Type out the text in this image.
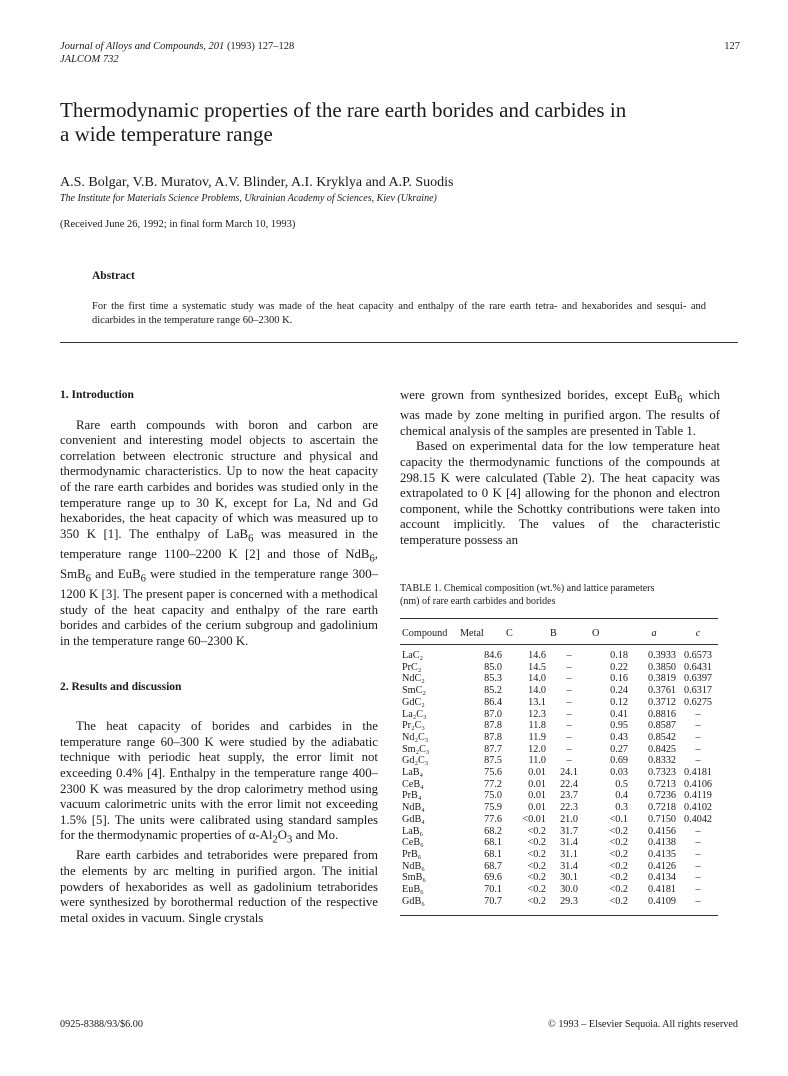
Journal of Alloys and Compounds, 201 (1993) 127–128
JALCOM 732
127
Thermodynamic properties of the rare earth borides and carbides in
a wide temperature range
A.S. Bolgar, V.B. Muratov, A.V. Blinder, A.I. Kryklya and A.P. Suodis
The Institute for Materials Science Problems, Ukrainian Academy of Sciences, Kiev (Ukraine)
(Received June 26, 1992; in final form March 10, 1993)
Abstract
For the first time a systematic study was made of the heat capacity and enthalpy of the rare earth tetra- and hexaborides and sesqui- and dicarbides in the temperature range 60–2300 K.
1. Introduction

Rare earth compounds with boron and carbon are convenient and interesting model objects to ascertain the correlation between electronic structure and physical and thermodynamic characteristics. Up to now the heat capacity of the rare earth carbides and borides was studied only in the temperature range up to 30 K, except for La, Nd and Gd hexaborides, the heat capacity of which was measured up to 350 K [1]. The enthalpy of LaB$_6$ was measured in the temperature range 1100–2200 K [2] and those of NdB$_6$, SmB$_6$ and EuB$_6$ were studied in the temperature range 300–1200 K [3]. The present paper is concerned with a methodical study of the heat capacity and enthalpy of the rare earth borides and carbides of the cerium subgroup and gadolinium in the temperature range 60–2300 K.

2. Results and discussion

The heat capacity of borides and carbides in the temperature range 60–300 K were studied by the adiabatic technique with periodic heat supply, the error limit not exceeding 0.4% [4]. Enthalpy in the temperature range 400–2300 K was measured by the drop calorimetry method using vacuum calorimetric units with the error limit not exceeding 1.5% [5]. The units were calibrated using standard samples for the thermodynamic properties of $\alpha-Al_2O_3$ and Mo.

Rare earth carbides and tetraborides were prepared from the elements by arc melting in purified argon. The initial powders of hexaborides as well as gadolinium tetraborides were synthesized by borothermal reduction of the respective metal oxides in vacuum. Single crystals

were grown from synthesized borides, except EuB$_6$ which was made by zone melting in purified argon. The results of chemical analysis of the samples are presented in Table 1.

Based on experimental data for the low temperature heat capacity the thermodynamic functions of the compounds at 298.15 K were calculated (Table 2). The heat capacity was extrapolated to 0 K [4] allowing for the phonon and electron component, while the Schottky contributions were taken into account implicitly. The values of the characteristic temperature possess an

TABLE 1. Chemical composition (wt.%) and lattice parameters
(nm) of rare earth carbides and borides
Compound	Metal	C	B	O	a	c
LaC₂	84.6	14.6	–	0.18	0.3933	0.6573
PrC₂	85.0	14.5	–	0.22	0.3850	0.6431
NdC₂	85.3	14.0	–	0.16	0.3819	0.6397
SmC₂	85.2	14.0	–	0.24	0.3761	0.6317
GdC₂	86.4	13.1	–	0.12	0.3712	0.6275
La₂C₃	87.0	12.3	–	0.41	0.8816	–
Pr₂C₃	87.8	11.8	–	0.95	0.8587	–
Nd₂C₃	87.8	11.9	–	0.43	0.8542	–
Sm₂C₃	87.7	12.0	–	0.27	0.8425	–
Gd₂C₃	87.5	11.0	–	0.69	0.8332	–
LaB₄	75.6	0.01	24.1	0.03	0.7323	0.4181
CeB₄	77.2	0.01	22.4	0.5	0.7213	0.4106
PrB₄	75.0	0.01	23.7	0.4	0.7236	0.4119
NdB₄	75.9	0.01	22.3	0.3	0.7218	0.4102
GdB₄	77.6	<0.01	21.0	<0.1	0.7150	0.4042
LaB₆	68.2	<0.2	31.7	<0.2	0.4156	–
CeB₆	68.1	<0.2	31.4	<0.2	0.4138	–
PrB₆	68.1	<0.2	31.1	<0.2	0.4135	–
NdB₆	68.7	<0.2	31.4	<0.2	0.4126	–
SmB₆	69.6	<0.2	30.1	<0.2	0.4134	–
EuB₆	70.1	<0.2	30.0	<0.2	0.4181	–
GdB₆	70.7	<0.2	29.3	<0.2	0.4109	–
0925-8388/93/$6.00	© 1993 – Elsevier Sequoia. All rights reserved
